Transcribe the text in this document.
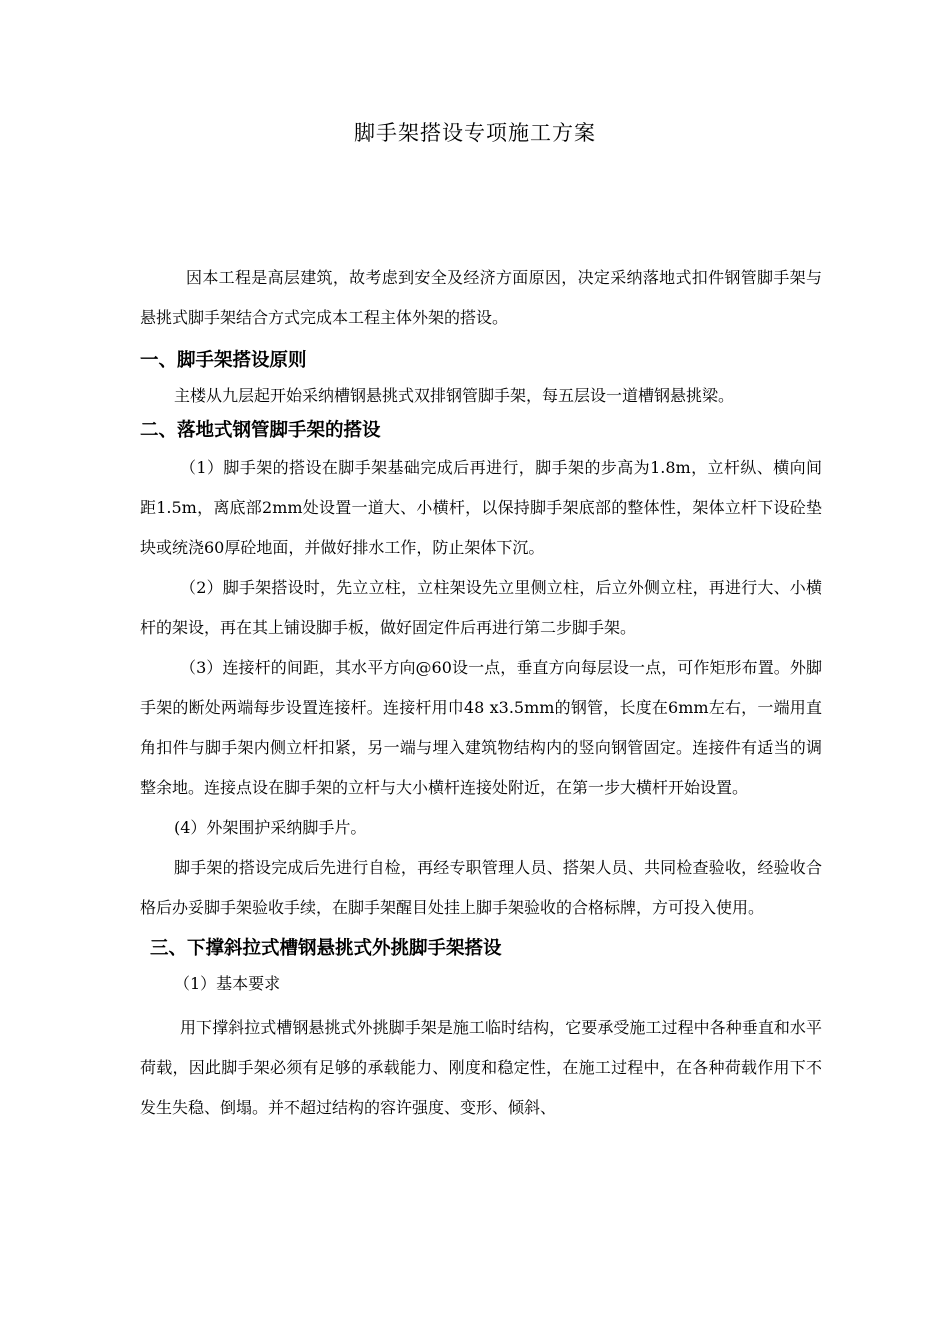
脚手架搭设专项施工方案

因本工程是高层建筑，故考虑到安全及经济方面原因，决定采纳落地式扣件钢管脚手架与悬挑式脚手架结合方式完成本工程主体外架的搭设。

一、脚手架搭设原则

主楼从九层起开始采纳槽钢悬挑式双排钢管脚手架，每五层设一道槽钢悬挑梁。

二、落地式钢管脚手架的搭设

（1）脚手架的搭设在脚手架基础完成后再进行，脚手架的步高为1.8m，立杆纵、横向间距1.5m，离底部2mm处设置一道大、小横杆，以保持脚手架底部的整体性，架体立杆下设砼垫块或统浇60厚砼地面，并做好排水工作，防止架体下沉。

（2）脚手架搭设时，先立立柱，立柱架设先立里侧立柱，后立外侧立柱，再进行大、小横杆的架设，再在其上铺设脚手板，做好固定件后再进行第二步脚手架。

（3）连接杆的间距，其水平方向@60设一点，垂直方向每层设一点，可作矩形布置。外脚手架的断处两端每步设置连接杆。连接杆用巾48 x3.5mm的钢管，长度在6mm左右，一端用直角扣件与脚手架内侧立杆扣紧，另一端与埋入建筑物结构内的竖向钢管固定。连接件有适当的调整余地。连接点设在脚手架的立杆与大小横杆连接处附近，在第一步大横杆开始设置。

(4）外架围护采纳脚手片。

脚手架的搭设完成后先进行自检，再经专职管理人员、搭架人员、共同检查验收，经验收合格后办妥脚手架验收手续，在脚手架醒目处挂上脚手架验收的合格标牌，方可投入使用。

三、下撑斜拉式槽钢悬挑式外挑脚手架搭设

（1）基本要求

用下撑斜拉式槽钢悬挑式外挑脚手架是施工临时结构，它要承受施工过程中各种垂直和水平荷载，因此脚手架必须有足够的承载能力、刚度和稳定性，在施工过程中，在各种荷载作用下不发生失稳、倒塌。并不超过结构的容许强度、变形、倾斜、
